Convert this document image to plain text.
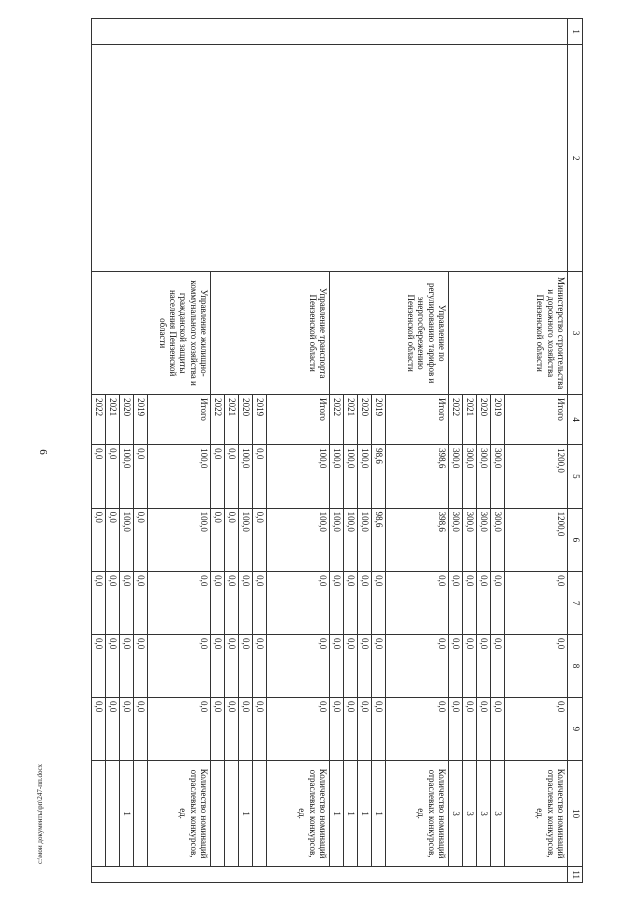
6
1	2	3	4	5	6	7	8	9	10	11
		Министерство строительства и дорожного хозяйства Пензенской области	Итого	1200,0	1200,0	0,0	0,0	0,0	Количество номинаций отраслевых конкурсов, ед.	
			2019	300,0	300,0	0,0	0,0	0,0	3	
			2020	300,0	300,0	0,0	0,0	0,0	3	
			2021	300,0	300,0	0,0	0,0	0,0	3	
			2022	300,0	300,0	0,0	0,0	0,0	3	
		Управление по регулированию тарифов и энергосбережению Пензенской области	Итого	398,6	398,6	0,0	0,0	0,0	Количество номинаций отраслевых конкурсов, ед.	
			2019	98,6	98,6	0,0	0,0	0,0	1	
			2020	100,0	100,0	0,0	0,0	0,0	1	
			2021	100,0	100,0	0,0	0,0	0,0	1	
			2022	100,0	100,0	0,0	0,0	0,0	1	
		Управление транспорта Пензенской области	Итого	100,0	100,0	0,0	0,0	0,0	Количество номинаций отраслевых конкурсов, ед.	
			2019	0,0	0,0	0,0	0,0	0,0		
			2020	100,0	100,0	0,0	0,0	0,0	1	
			2021	0,0	0,0	0,0	0,0	0,0		
			2022	0,0	0,0	0,0	0,0	0,0		
		Управление жилищно-коммунального хозяйства и гражданской защиты населения Пензенской области	Итого	100,0	100,0	0,0	0,0	0,0	Количество номинаций отраслевых конкурсов, ед.	
			2019	0,0	0,0	0,0	0,0	0,0		
			2020	100,0	100,0	0,0	0,0	0,0	1	
			2021	0,0	0,0	0,0	0,0	0,0		
			2022	0,0	0,0	0,0	0,0	0,0		
c:\мои документы\рп\247-пп.docx
